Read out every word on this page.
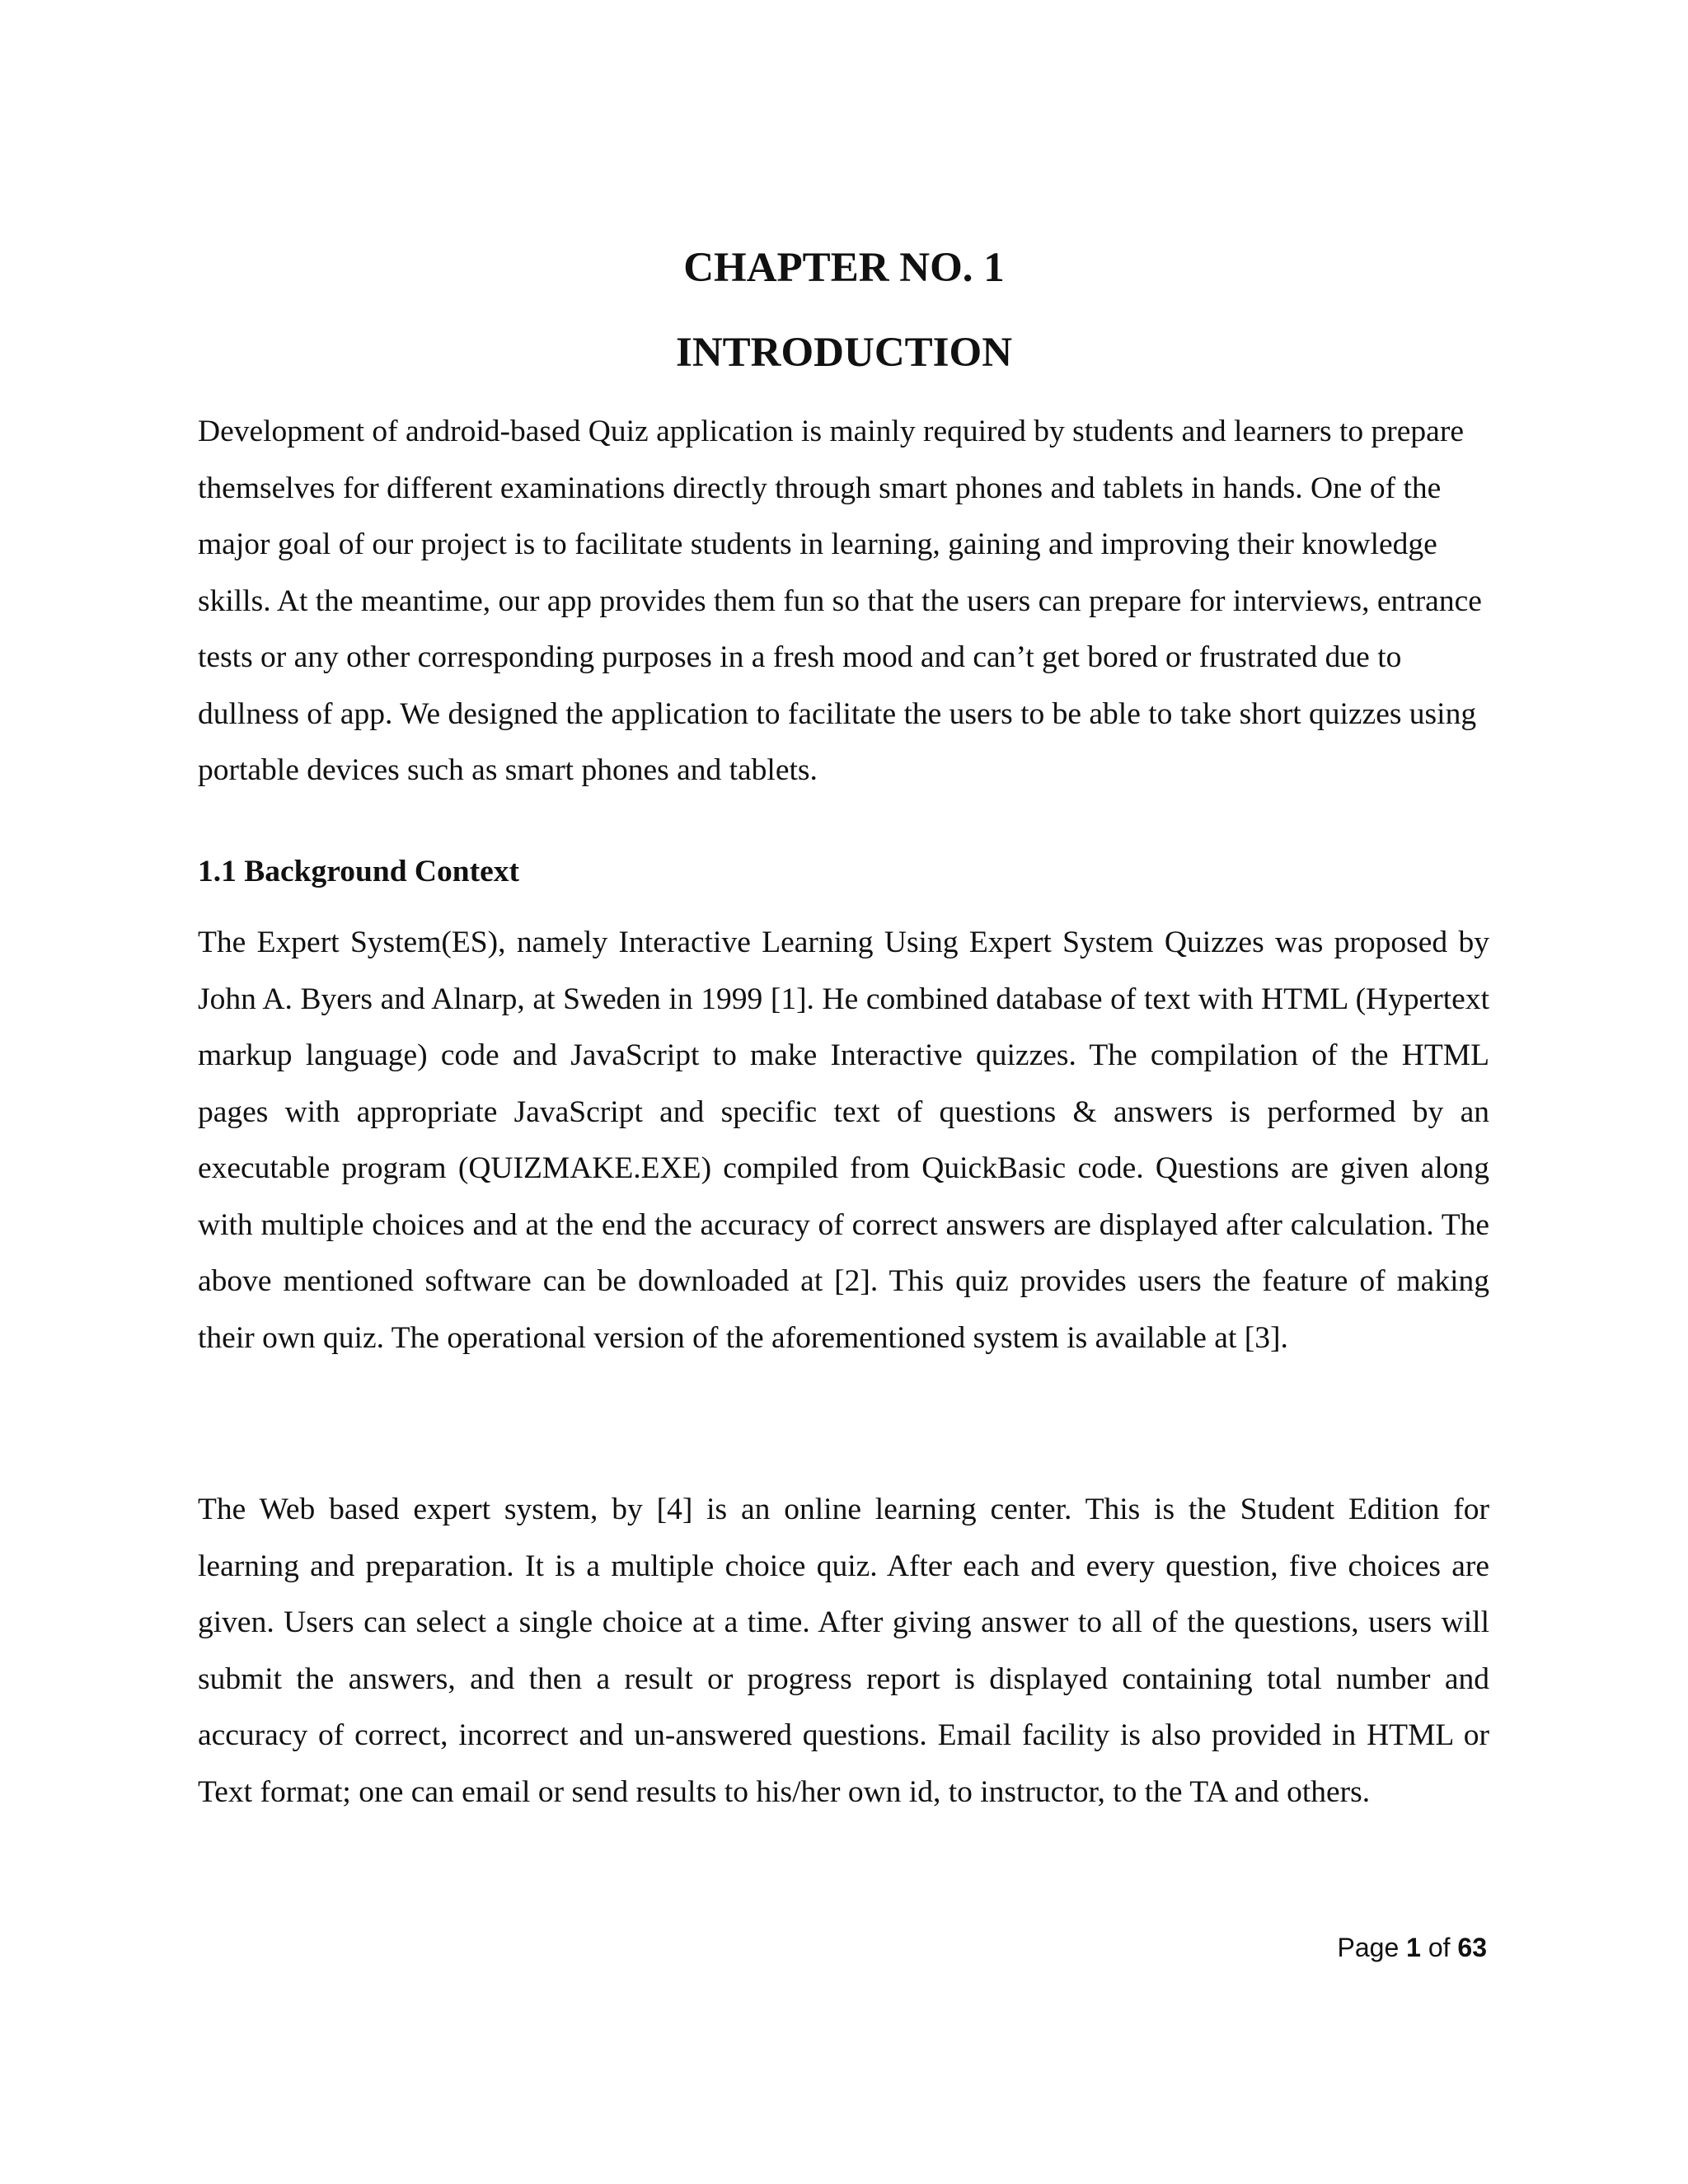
CHAPTER NO. 1
INTRODUCTION

Development of android-based Quiz application is mainly required by students and learners to prepare themselves for different examinations directly through smart phones and tablets in hands. One of the major goal of our project is to facilitate students in learning, gaining and improving their knowledge skills. At the meantime, our app provides them fun so that the users can prepare for interviews, entrance tests or any other corresponding purposes in a fresh mood and can’t get bored or frustrated due to dullness of app. We designed the application to facilitate the users to be able to take short quizzes using portable devices such as smart phones and tablets.

1.1 Background Context

The Expert System(ES), namely Interactive Learning Using Expert System Quizzes was proposed by John A. Byers and Alnarp, at Sweden in 1999 [1]. He combined database of text with HTML (Hypertext markup language) code and JavaScript to make Interactive quizzes. The compilation of the HTML pages with appropriate JavaScript and specific text of questions & answers is performed by an executable program (QUIZMAKE.EXE) compiled from QuickBasic code. Questions are given along with multiple choices and at the end the accuracy of correct answers are displayed after calculation. The above mentioned software can be downloaded at [2]. This quiz provides users the feature of making their own quiz. The operational version of the aforementioned system is available at [3].

The Web based expert system, by [4] is an online learning center. This is the Student Edition for learning and preparation. It is a multiple choice quiz. After each and every question, five choices are given. Users can select a single choice at a time. After giving answer to all of the questions, users will submit the answers, and then a result or progress report is displayed containing total number and accuracy of correct, incorrect and un-answered questions. Email facility is also provided in HTML or Text format; one can email or send results to his/her own id, to instructor, to the TA and others.

Page 1 of 63
